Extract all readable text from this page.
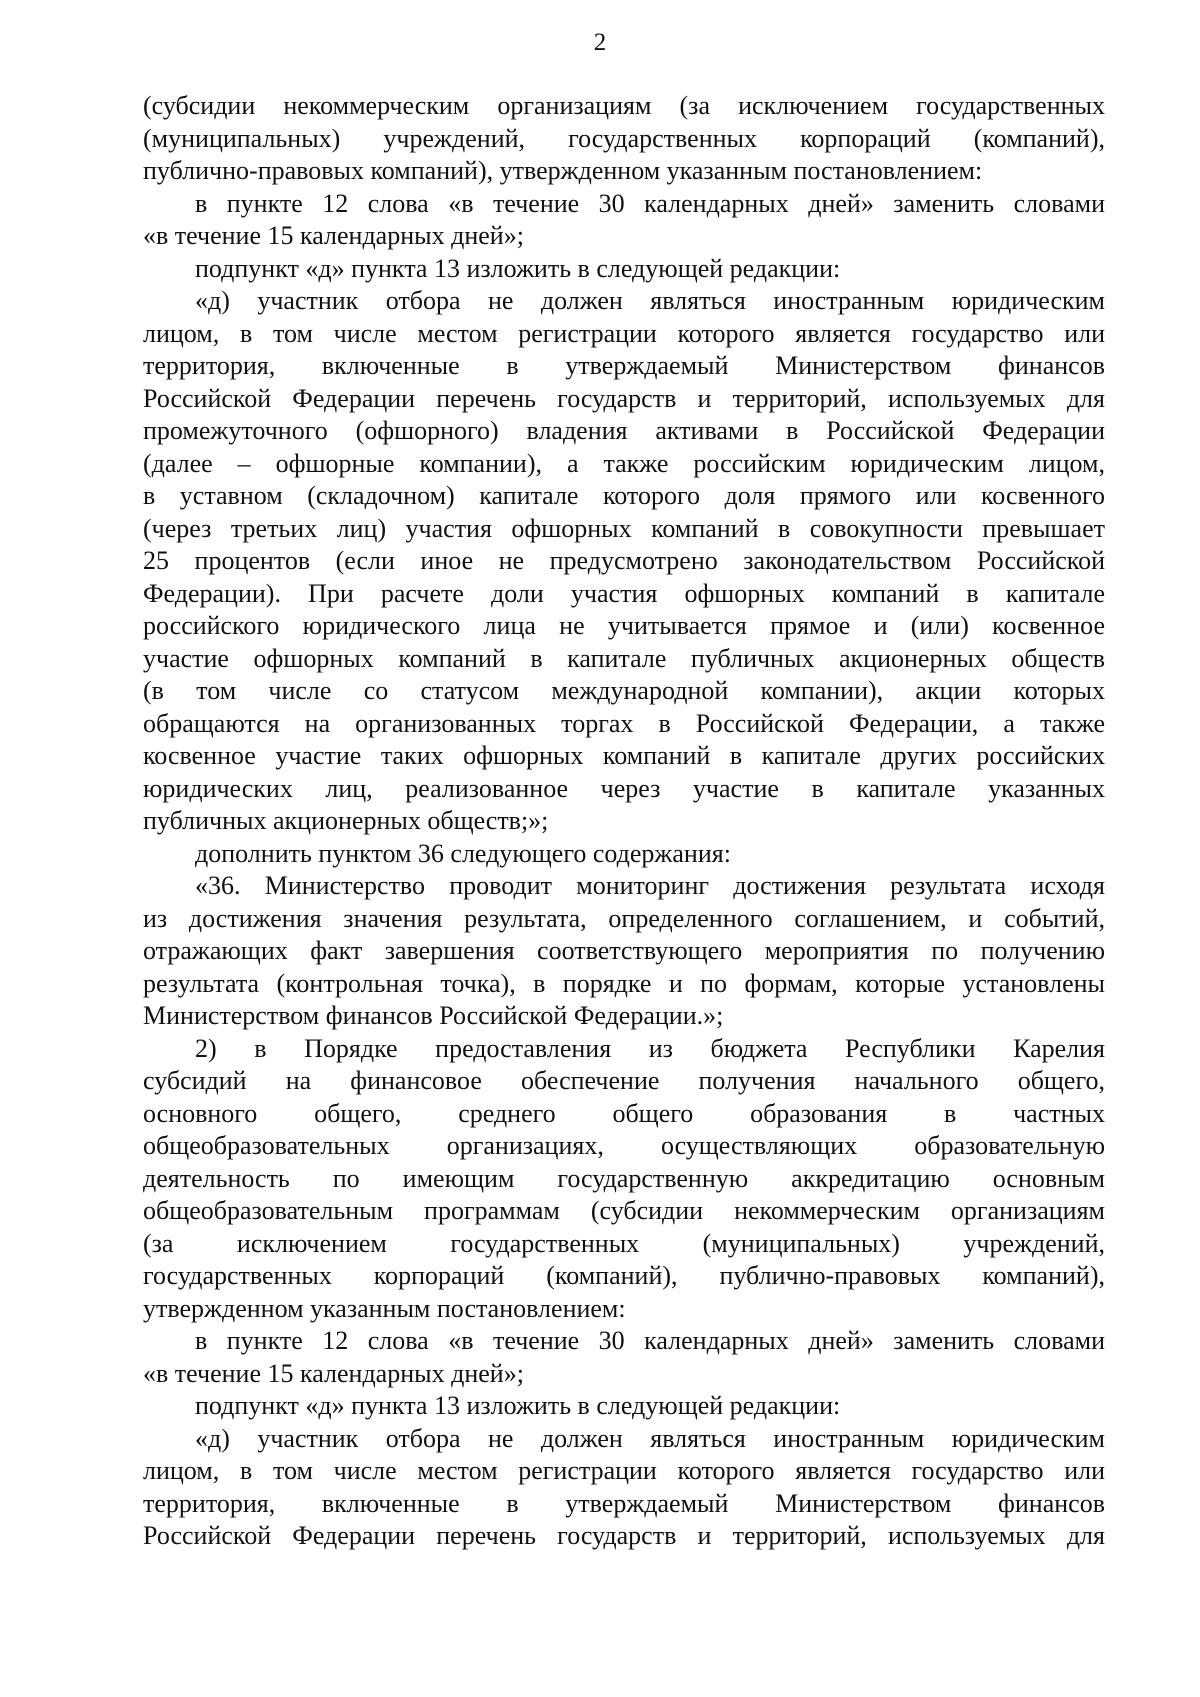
2
(субсидии некоммерческим организациям (за исключением государственных
(муниципальных) учреждений, государственных корпораций (компаний),
публично-правовых компаний), утвержденном указанным постановлением:
в пункте 12 слова «в течение 30 календарных дней» заменить словами
«в течение 15 календарных дней»;
подпункт «д» пункта 13 изложить в следующей редакции:
«д) участник отбора не должен являться иностранным юридическим
лицом, в том числе местом регистрации которого является государство или
территория, включенные в утверждаемый Министерством финансов
Российской Федерации перечень государств и территорий, используемых для
промежуточного (офшорного) владения активами в Российской Федерации
(далее – офшорные компании), а также российским юридическим лицом,
в уставном (складочном) капитале которого доля прямого или косвенного
(через третьих лиц) участия офшорных компаний в совокупности превышает
25 процентов (если иное не предусмотрено законодательством Российской
Федерации). При расчете доли участия офшорных компаний в капитале
российского юридического лица не учитывается прямое и (или) косвенное
участие офшорных компаний в капитале публичных акционерных обществ
(в том числе со статусом международной компании), акции которых
обращаются на организованных торгах в Российской Федерации, а также
косвенное участие таких офшорных компаний в капитале других российских
юридических лиц, реализованное через участие в капитале указанных
публичных акционерных обществ;»;
дополнить пунктом 36 следующего содержания:
«36. Министерство проводит мониторинг достижения результата исходя
из достижения значения результата, определенного соглашением, и событий,
отражающих факт завершения соответствующего мероприятия по получению
результата (контрольная точка), в порядке и по формам, которые установлены
Министерством финансов Российской Федерации.»;
2) в Порядке предоставления из бюджета Республики Карелия
субсидий на финансовое обеспечение получения начального общего,
основного общего, среднего общего образования в частных
общеобразовательных организациях, осуществляющих образовательную
деятельность по имеющим государственную аккредитацию основным
общеобразовательным программам (субсидии некоммерческим организациям
(за исключением государственных (муниципальных) учреждений,
государственных корпораций (компаний), публично-правовых компаний),
утвержденном указанным постановлением:
в пункте 12 слова «в течение 30 календарных дней» заменить словами
«в течение 15 календарных дней»;
подпункт «д» пункта 13 изложить в следующей редакции:
«д) участник отбора не должен являться иностранным юридическим
лицом, в том числе местом регистрации которого является государство или
территория, включенные в утверждаемый Министерством финансов
Российской Федерации перечень государств и территорий, используемых для
